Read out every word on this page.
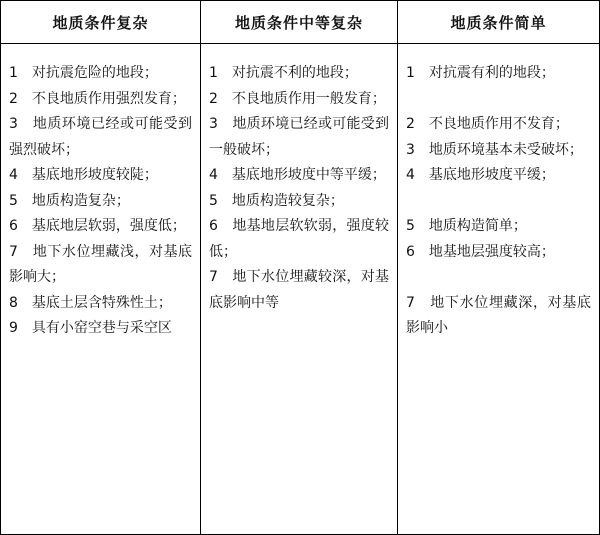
地质条件复杂	地质条件中等复杂	地质条件简单

1　对抗震危险的地段；

2　不良地质作用强烈发育；

3　地质环境已经或可能受到强烈破坏；

4　基底地形坡度较陡；

5　地质构造复杂；

6　基底地层软弱，强度低；

7　地下水位埋藏浅，对基底影响大；

8　基底土层含特殊性土；

9　具有小窑空巷与采空区

1　对抗震不利的地段；

2　不良地质作用一般发育；

3　地质环境已经或可能受到一般破坏；

4　基底地形坡度中等平缓；

5　地质构造较复杂；

6　地基地层软软弱，强度较低；

7　地下水位埋藏较深，对基底影响中等

1　对抗震有利的地段；

2　不良地质作用不发育；

3　地质环境基本未受破坏；

4　基底地形坡度平缓；

5　地质构造简单；

6　地基地层强度较高；

7　地下水位埋藏深，对基底影响小
